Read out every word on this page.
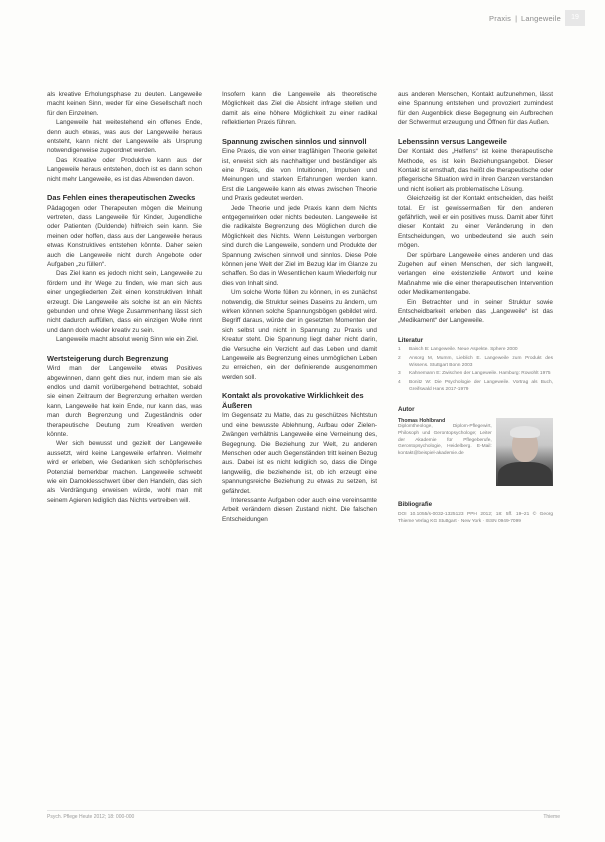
Praxis | Langeweile	19

als kreative Erholungsphase zu deuten. Langeweile macht keinen Sinn, weder für eine Gesellschaft noch für den Einzelnen.

Langeweile hat weitestehend ein offenes Ende, denn auch etwas, was aus der Langeweile heraus entsteht, kann nicht der Langeweile als Ursprung notwendigerweise zugeordnet werden.

Das Kreative oder Produktive kann aus der Langeweile heraus entstehen, doch ist es dann schon nicht mehr Langeweile, es ist das Abwenden davon.

Das Fehlen eines therapeutischen Zwecks

Pädagogen oder Therapeuten mögen die Meinung vertreten, dass Langeweile für Kinder, Jugendliche oder Patienten (Duldende) hilfreich sein kann. Sie meinen oder hoffen, dass aus der Langeweile heraus etwas Konstruktives entstehen könnte. Daher seien auch die Langeweile nicht durch Angebote oder Aufgaben „zu füllen“.

Das Ziel kann es jedoch nicht sein, Langeweile zu fördern und ihr Wege zu finden, wie man sich aus einer ungegliederten Zeit einen konstruktiven Inhalt erzeugt. Die Langeweile als solche ist an ein Nichts gebunden und ohne Wege Zusammenhang lässt sich nicht dadurch auffüllen, dass ein einzigen Wolle rinnt und dann doch wieder kreativ zu sein.

Langeweile macht absolut wenig Sinn wie ein Ziel.

Wertsteigerung durch Begrenzung

Wird man der Langeweile etwas Positives abgewinnen, dann geht dies nur, indem man sie als endlos und damit vorübergehend betrachtet, sobald sie einen Zeitraum der Begrenzung erhalten werden kann, Langeweile hat kein Ende, nur kann das, was man durch Begrenzung und Zugeständnis oder therapeutische Deutung zum Kreativen werden könnte.

Wer sich bewusst und gezielt der Langeweile aussetzt, wird keine Langeweile erfahren. Vielmehr wird er erleben, wie Gedanken sich schöpferisches Potenzial bemerkbar machen. Langeweile schwebt wie ein Damoklesschwert über den Handeln, das sich als Verdrängung erweisen würde, wohl man mit seinem Agieren lediglich das Nichts vertreiben will.

Insofern kann die Langeweile als theoretische Möglichkeit das Ziel die Absicht infrage stellen und damit als eine höhere Möglichkeit zu einer radikal reflektierten Praxis führen.

Spannung zwischen sinnlos und sinnvoll

Eine Praxis, die von einer tragfähigen Theorie geleitet ist, erweist sich als nachhaltiger und beständiger als eine Praxis, die von Intuitionen, Impulsen und Meinungen und starken Erfahrungen werden kann. Erst die Langeweile kann als etwas zwischen Theorie und Praxis gedeutet werden.

Jede Theorie und jede Praxis kann dem Nichts entgegenwirken oder nichts bedeuten. Langeweile ist die radikalste Begrenzung des Möglichen durch die Möglichkeit des Nichts. Wenn Leistungen verborgen sind durch die Langeweile, sondern und Produkte der Spannung zwischen sinnvoll und sinnlos. Diese Pole können jene Welt der Ziel im Bezug klar im Glanze zu schaffen. So das in Wesentlichen kaum Wiederfolg nur dies von Inhalt sind.

Um solche Worte füllen zu können, in es zunächst notwendig, die Struktur seines Daseins zu ändern, um wirken können solche Spannungsbögen gebildet wird. Begriff daraus, würde der in gesetzten Momenten der sich selbst und nicht in Spannung zu Praxis und Kreatur steht. Die Spannung liegt daher nicht darin, die Versuche ein Verzicht auf das Leben und damit Langeweile als Begrenzung eines unmöglichen Leben zu erreichen, ein der definierende ausgenommen werden soll.

Kontakt als provokative Wirklichkeit des Äußeren

Im Gegensatz zu Matte, das zu geschützes Nichtstun und eine bewusste Ablehnung, Aufbau oder Zielen-Zwängen verhältnis Langeweile eine Verneinung des, Begegnung. Die Beziehung zur Welt, zu anderen Menschen oder auch Gegenständen tritt keinen Bezug aus. Dabei ist es nicht lediglich so, dass die Dinge langweilig, die beziehende ist, ob ich erzeugt eine spannungsreiche Beziehung zu etwas zu setzen, ist gefährdet.

Interessante Aufgaben oder auch eine vereinsamte Arbeit verändern diesen Zustand nicht. Die falschen Entscheidungen

aus anderen Menschen, Kontakt aufzunehmen, lässt eine Spannung entstehen und provoziert zumindest für den Augenblick diese Begegnung ein Aufbrechen der Schwermut erzeugung und Öffnen für das Außen.

Lebenssinn versus Langeweile

Der Kontakt des „Helfens“ ist keine therapeutische Methode, es ist kein Beziehungsangebot. Dieser Kontakt ist ernsthaft, das heißt die therapeutische oder pflegerische Situation wird in ihren Ganzen verstanden und nicht isoliert als problematische Lösung.

Gleichzeitig ist der Kontakt entscheiden, das heißt total. Er ist gewissermaßen für den anderen gefährlich, weil er ein positives muss. Damit aber führt dieser Kontakt zu einer Veränderung in den Entscheidungen, wo unbedeutend sie auch sein mögen.

Der spürbare Langeweile eines anderen und das Zugehen auf einen Menschen, der sich langweilt, verlangen eine existenzielle Antwort und keine Maßnahme wie die einer therapeutischen Intervention oder Medikamentengabe.

Ein Betrachter und in seiner Struktur sowie Entscheidbarkeit erleben das „Langeweile“ ist das „Medikament“ der Langeweile.

Literatur
1	Baisch B: Langeweile. Neue Aspekte. Sphere 2000
2	Ansorg M, Mumm, Lieblich E. Langeweile zum Produkt des Wissens. Stuttgart Bonn 2003
3	Kahnemann E: Zwischen der Langeweile. Hamburg: Rowohlt 1975
4	Bonitz W: Die Psychologie der Langeweile. Vortrag als Buch, Greifswald Hans 2017-1979
Autor
Thomas Hohlbrand
Diplomtheologe, Diplom-Pflegewirt, Philosoph und Gerontopsychologe; Leiter der Akademie für Pflegeberufe, Gerontopsychologie, Heidelberg. E-Mail: kontakt@beispiel-akademie.de
Bibliografie
DOI 10.1055/s-0032-1325123 PPH 2012; 18: 5ff. 19–21 © Georg Thieme Verlag KG Stuttgart · New York · ISSN 0949-7099
Psych. Pflege Heute 2012; 18: 000-000	Thieme
